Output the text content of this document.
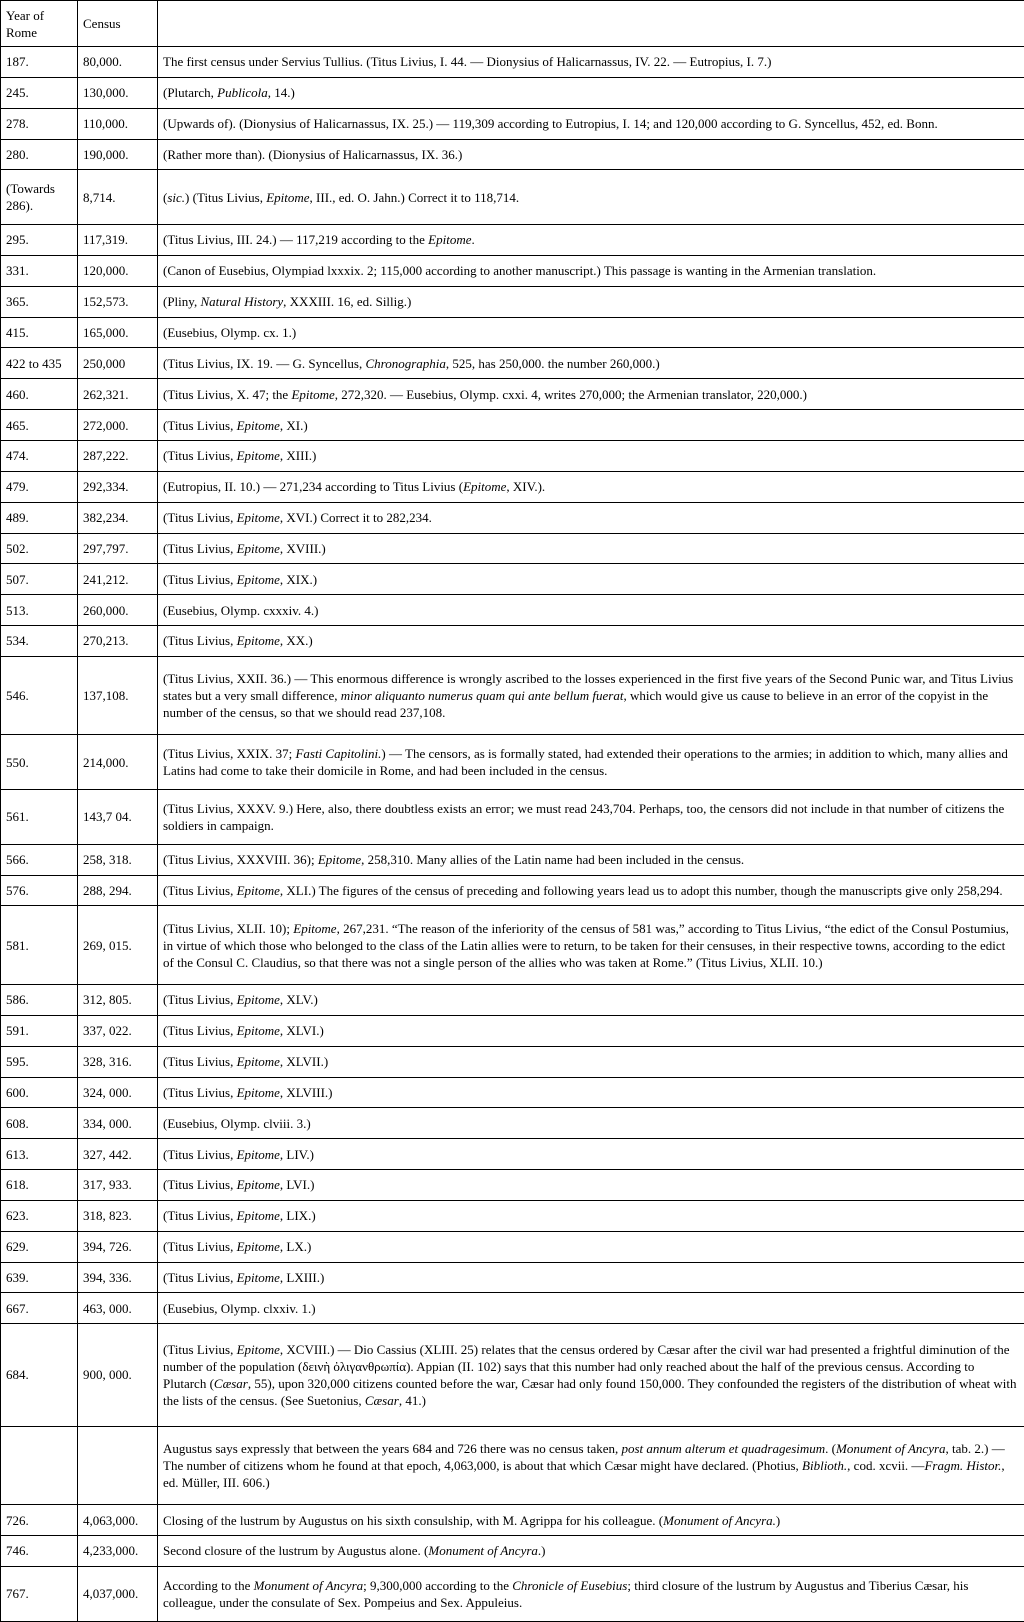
Year of Rome	Census	
187.	80,000.	The first census under Servius Tullius. (Titus Livius, I. 44. — Dionysius of Halicarnassus, IV. 22. — Eutropius, I. 7.)
245.	130,000.	(Plutarch, Publicola, 14.)
278.	110,000.	(Upwards of). (Dionysius of Halicarnassus, IX. 25.) — 119,309 according to Eutropius, I. 14; and 120,000 according to G. Syncellus, 452, ed. Bonn.
280.	190,000.	(Rather more than). (Dionysius of Halicarnassus, IX. 36.)
(Towards 286).	8,714.	(sic.) (Titus Livius, Epitome, III., ed. O. Jahn.) Correct it to 118,714.
295.	117,319.	(Titus Livius, III. 24.) — 117,219 according to the Epitome.
331.	120,000.	(Canon of Eusebius, Olympiad lxxxix. 2; 115,000 according to another manuscript.) This passage is wanting in the Armenian translation.
365.	152,573.	(Pliny, Natural History, XXXIII. 16, ed. Sillig.)
415.	165,000.	(Eusebius, Olymp. cx. 1.)
422 to 435	250,000	(Titus Livius, IX. 19. — G. Syncellus, Chronographia, 525, has 250,000. the number 260,000.)
460.	262,321.	(Titus Livius, X. 47; the Epitome, 272,320. — Eusebius, Olymp. cxxi. 4, writes 270,000; the Armenian translator, 220,000.)
465.	272,000.	(Titus Livius, Epitome, XI.)
474.	287,222.	(Titus Livius, Epitome, XIII.)
479.	292,334.	(Eutropius, II. 10.) — 271,234 according to Titus Livius (Epitome, XIV.).
489.	382,234.	(Titus Livius, Epitome, XVI.) Correct it to 282,234.
502.	297,797.	(Titus Livius, Epitome, XVIII.)
507.	241,212.	(Titus Livius, Epitome, XIX.)
513.	260,000.	(Eusebius, Olymp. cxxxiv. 4.)
534.	270,213.	(Titus Livius, Epitome, XX.)
546.	137,108.	(Titus Livius, XXII. 36.) — This enormous difference is wrongly ascribed to the losses experienced in the first five years of the Second Punic war, and Titus Livius states but a very small difference, minor aliquanto numerus quam qui ante bellum fuerat, which would give us cause to believe in an error of the copyist in the number of the census, so that we should read 237,108.
550.	214,000.	(Titus Livius, XXIX. 37; Fasti Capitolini.) — The censors, as is formally stated, had extended their operations to the armies; in addition to which, many allies and Latins had come to take their domicile in Rome, and had been included in the census.
561.	143,7 04.	(Titus Livius, XXXV. 9.) Here, also, there doubtless exists an error; we must read 243,704. Perhaps, too, the censors did not include in that number of citizens the soldiers in campaign.
566.	258, 318.	(Titus Livius, XXXVIII. 36); Epitome, 258,310. Many allies of the Latin name had been included in the census.
576.	288, 294.	(Titus Livius, Epitome, XLI.) The figures of the census of preceding and following years lead us to adopt this number, though the manuscripts give only 258,294.
581.	269, 015.	(Titus Livius, XLII. 10); Epitome, 267,231. “The reason of the inferiority of the census of 581 was,” according to Titus Livius, “the edict of the Consul Postumius, in virtue of which those who belonged to the class of the Latin allies were to return, to be taken for their censuses, in their respective towns, according to the edict of the Consul C. Claudius, so that there was not a single person of the allies who was taken at Rome.” (Titus Livius, XLII. 10.)
586.	312, 805.	(Titus Livius, Epitome, XLV.)
591.	337, 022.	(Titus Livius, Epitome, XLVI.)
595.	328, 316.	(Titus Livius, Epitome, XLVII.)
600.	324, 000.	(Titus Livius, Epitome, XLVIII.)
608.	334, 000.	(Eusebius, Olymp. clviii. 3.)
613.	327, 442.	(Titus Livius, Epitome, LIV.)
618.	317, 933.	(Titus Livius, Epitome, LVI.)
623.	318, 823.	(Titus Livius, Epitome, LIX.)
629.	394, 726.	(Titus Livius, Epitome, LX.)
639.	394, 336.	(Titus Livius, Epitome, LXIII.)
667.	463, 000.	(Eusebius, Olymp. clxxiv. 1.)
684.	900, 000.	(Titus Livius, Epitome, XCVIII.) — Dio Cassius (XLIII. 25) relates that the census ordered by Cæsar after the civil war had presented a frightful diminution of the number of the population (δεινὴ ὀλιγανθρωπία). Appian (II. 102) says that this number had only reached about the half of the previous census. According to Plutarch (Cæsar, 55), upon 320,000 citizens counted before the war, Cæsar had only found 150,000. They confounded the registers of the distribution of wheat with the lists of the census. (See Suetonius, Cæsar, 41.)
		Augustus says expressly that between the years 684 and 726 there was no census taken, post annum alterum et quadragesimum. (Monument of Ancyra, tab. 2.) — The number of citizens whom he found at that epoch, 4,063,000, is about that which Cæsar might have declared. (Photius, Biblioth., cod. xcvii. —Fragm. Histor., ed. Müller, III. 606.)
726.	4,063,000.	Closing of the lustrum by Augustus on his sixth consulship, with M. Agrippa for his colleague. (Monument of Ancyra.)
746.	4,233,000.	Second closure of the lustrum by Augustus alone. (Monument of Ancyra.)
767.	4,037,000.	According to the Monument of Ancyra; 9,300,000 according to the Chronicle of Eusebius; third closure of the lustrum by Augustus and Tiberius Cæsar, his colleague, under the consulate of Sex. Pompeius and Sex. Appuleius.
